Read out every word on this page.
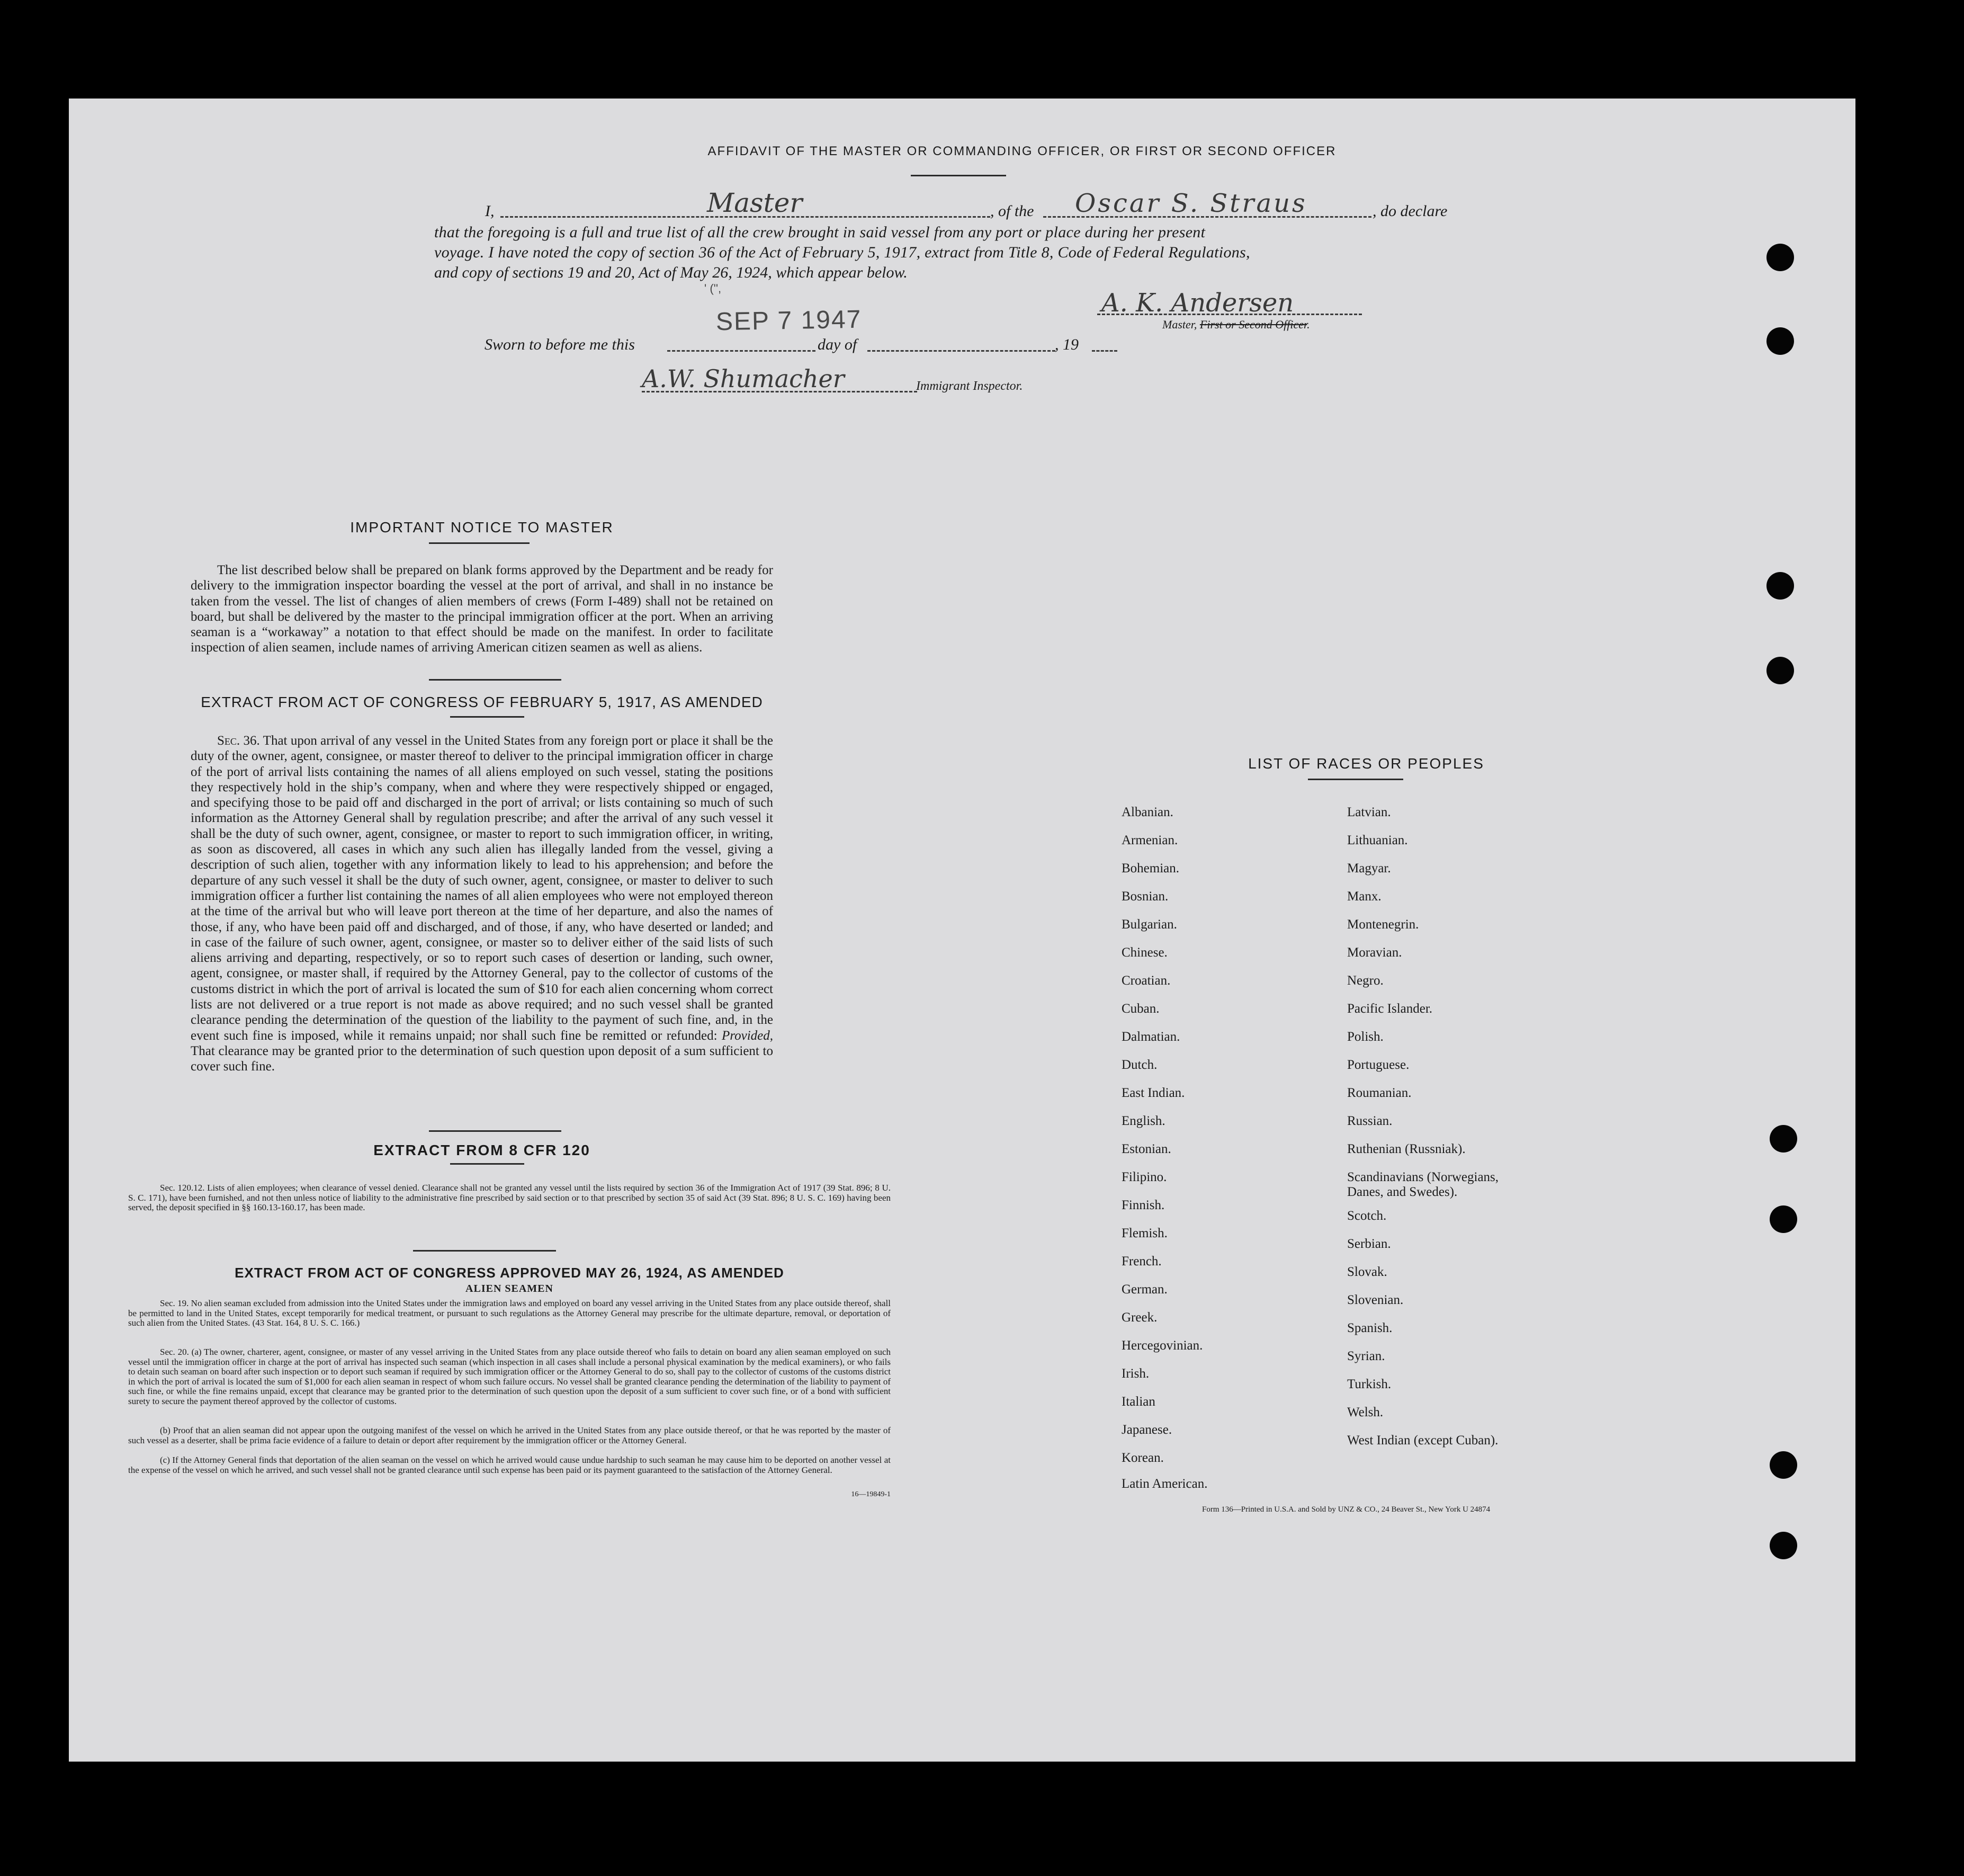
AFFIDAVIT OF THE MASTER OR COMMANDING OFFICER, OR FIRST OR SECOND OFFICER
I,	Master	, of the Oscar S. Straus	, do declare
that the foregoing is a full and true list of all the crew brought in said vessel from any port or place during her present
voyage. I have noted the copy of section 36 of the Act of February 5, 1917, extract from Title 8, Code of Federal Regulations,
and copy of sections 19 and 20, Act of May 26, 1924, which appear below.
' ('',
SEP 7 1947
A. K. Andersen
Master, First or Second Officer.
Sworn to before me this	day of	, 19
A.W. Shumacher	Immigrant Inspector.
IMPORTANT NOTICE TO MASTER

The list described below shall be prepared on blank forms approved by the Department and be ready for delivery to the immigration inspector boarding the vessel at the port of arrival, and shall in no instance be taken from the vessel. The list of changes of alien members of crews (Form I-489) shall not be retained on board, but shall be delivered by the master to the principal immigration officer at the port. When an arriving seaman is a “workaway” a notation to that effect should be made on the manifest. In order to facilitate inspection of alien seamen, include names of arriving American citizen seamen as well as aliens.

EXTRACT FROM ACT OF CONGRESS OF FEBRUARY 5, 1917, AS AMENDED

Sec. 36. That upon arrival of any vessel in the United States from any foreign port or place it shall be the duty of the owner, agent, consignee, or master thereof to deliver to the principal immigration officer in charge of the port of arrival lists containing the names of all aliens employed on such vessel, stating the positions they respectively hold in the ship’s company, when and where they were respectively shipped or engaged, and specifying those to be paid off and discharged in the port of arrival; or lists containing so much of such information as the Attorney General shall by regulation prescribe; and after the arrival of any such vessel it shall be the duty of such owner, agent, consignee, or master to report to such immigration officer, in writing, as soon as discovered, all cases in which any such alien has illegally landed from the vessel, giving a description of such alien, together with any information likely to lead to his apprehension; and before the departure of any such vessel it shall be the duty of such owner, agent, consignee, or master to deliver to such immigration officer a further list containing the names of all alien employees who were not employed thereon at the time of the arrival but who will leave port thereon at the time of her departure, and also the names of those, if any, who have been paid off and discharged, and of those, if any, who have deserted or landed; and in case of the failure of such owner, agent, consignee, or master so to deliver either of the said lists of such aliens arriving and departing, respectively, or so to report such cases of desertion or landing, such owner, agent, consignee, or master shall, if required by the Attorney General, pay to the collector of customs of the customs district in which the port of arrival is located the sum of $10 for each alien concerning whom correct lists are not delivered or a true report is not made as above required; and no such vessel shall be granted clearance pending the determination of the question of the liability to the payment of such fine, and, in the event such fine is imposed, while it remains unpaid; nor shall such fine be remitted or refunded: Provided, That clearance may be granted prior to the determination of such question upon deposit of a sum sufficient to cover such fine.

EXTRACT FROM 8 CFR 120

Sec. 120.12. Lists of alien employees; when clearance of vessel denied. Clearance shall not be granted any vessel until the lists required by section 36 of the Immigration Act of 1917 (39 Stat. 896; 8 U. S. C. 171), have been furnished, and not then unless notice of liability to the administrative fine prescribed by said section or to that prescribed by section 35 of said Act (39 Stat. 896; 8 U. S. C. 169) having been served, the deposit specified in §§ 160.13-160.17, has been made.

EXTRACT FROM ACT OF CONGRESS APPROVED MAY 26, 1924, AS AMENDED
ALIEN SEAMEN

Sec. 19. No alien seaman excluded from admission into the United States under the immigration laws and employed on board any vessel arriving in the United States from any place outside thereof, shall be permitted to land in the United States, except temporarily for medical treatment, or pursuant to such regulations as the Attorney General may prescribe for the ultimate departure, removal, or deportation of such alien from the United States. (43 Stat. 164, 8 U. S. C. 166.)

Sec. 20. (a) The owner, charterer, agent, consignee, or master of any vessel arriving in the United States from any place outside thereof who fails to detain on board any alien seaman employed on such vessel until the immigration officer in charge at the port of arrival has inspected such seaman (which inspection in all cases shall include a personal physical examination by the medical examiners), or who fails to detain such seaman on board after such inspection or to deport such seaman if required by such immigration officer or the Attorney General to do so, shall pay to the collector of customs of the customs district in which the port of arrival is located the sum of $1,000 for each alien seaman in respect of whom such failure occurs. No vessel shall be granted clearance pending the determination of the liability to payment of such fine, or while the fine remains unpaid, except that clearance may be granted prior to the determination of such question upon the deposit of a sum sufficient to cover such fine, or of a bond with sufficient surety to secure the payment thereof approved by the collector of customs.

(b) Proof that an alien seaman did not appear upon the outgoing manifest of the vessel on which he arrived in the United States from any place outside thereof, or that he was reported by the master of such vessel as a deserter, shall be prima facie evidence of a failure to detain or deport after requirement by the immigration officer or the Attorney General.

(c) If the Attorney General finds that deportation of the alien seaman on the vessel on which he arrived would cause undue hardship to such seaman he may cause him to be deported on another vessel at the expense of the vessel on which he arrived, and such vessel shall not be granted clearance until such expense has been paid or its payment guaranteed to the satisfaction of the Attorney General.

16—19849-1
LIST OF RACES OR PEOPLES
Albanian.
Armenian.
Bohemian.
Bosnian.
Bulgarian.
Chinese.
Croatian.
Cuban.
Dalmatian.
Dutch.
East Indian.
English.
Estonian.
Filipino.
Finnish.
Flemish.
French.
German.
Greek.
Hercegovinian.
Irish.
Italian
Japanese.
Korean.
Latin American.
Latvian.
Lithuanian.
Magyar.
Manx.
Montenegrin.
Moravian.
Negro.
Pacific Islander.
Polish.
Portuguese.
Roumanian.
Russian.
Ruthenian (Russniak).
Scandinavians (Norwegians,
Danes, and Swedes).
Scotch.
Serbian.
Slovak.
Slovenian.
Spanish.
Syrian.
Turkish.
Welsh.
West Indian (except Cuban).
Form 136—Printed in U.S.A. and Sold by UNZ & CO., 24 Beaver St., New York U 24874
